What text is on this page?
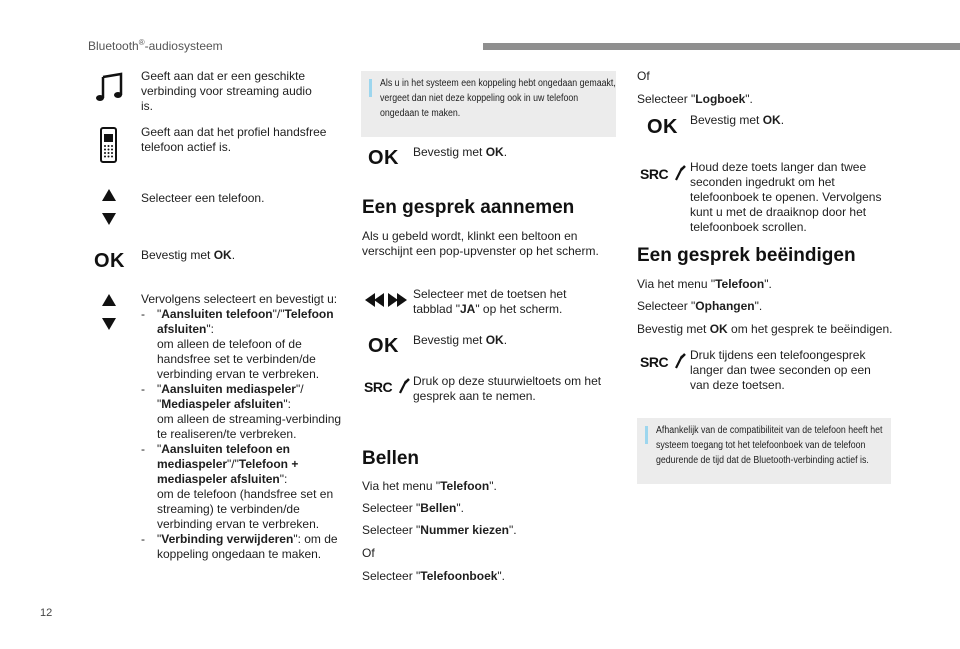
Bluetooth®-audiosysteem
Geeft aan dat er een geschikte verbinding voor streaming audio is.
Geeft aan dat het profiel handsfree telefoon actief is.
Selecteer een telefoon.
OK Bevestig met OK.
Vervolgens selecteert en bevestigt u:
- "Aansluiten telefoon"/"Telefoon afsluiten":
om alleen de telefoon of de handsfree set te verbinden/de verbinding ervan te verbreken.
- "Aansluiten mediaspeler"/ "Mediaspeler afsluiten":
om alleen de streaming-verbinding te realiseren/te verbreken.
- "Aansluiten telefoon en mediaspeler"/"Telefoon + mediaspeler afsluiten":
om de telefoon (handsfree set en streaming) te verbinden/de verbinding ervan te verbreken.
- "Verbinding verwijderen": om de koppeling ongedaan te maken.
Als u in het systeem een koppeling hebt ongedaan gemaakt, vergeet dan niet deze koppeling ook in uw telefoon ongedaan te maken.
OK Bevestig met OK.
Een gesprek aannemen
Als u gebeld wordt, klinkt een beltoon en verschijnt een pop-upvenster op het scherm.
Selecteer met de toetsen het tabblad "JA" op het scherm.
OK Bevestig met OK.
SRC	Druk op deze stuurwieltoets om het gesprek aan te nemen.
Bellen
Via het menu "Telefoon".
Selecteer "Bellen".
Selecteer "Nummer kiezen".
Of
Selecteer "Telefoonboek".
Of
Selecteer "Logboek".
OK Bevestig met OK.
SRC	Houd deze toets langer dan twee seconden ingedrukt om het telefoonboek te openen. Vervolgens kunt u met de draaiknop door het telefoonboek scrollen.
Een gesprek beëindigen
Via het menu "Telefoon".
Selecteer "Ophangen".
Bevestig met OK om het gesprek te beëindigen.
SRC	Druk tijdens een telefoongesprek langer dan twee seconden op een van deze toetsen.
Afhankelijk van de compatibiliteit van de telefoon heeft het systeem toegang tot het telefoonboek van de telefoon gedurende de tijd dat de Bluetooth-verbinding actief is.
12
